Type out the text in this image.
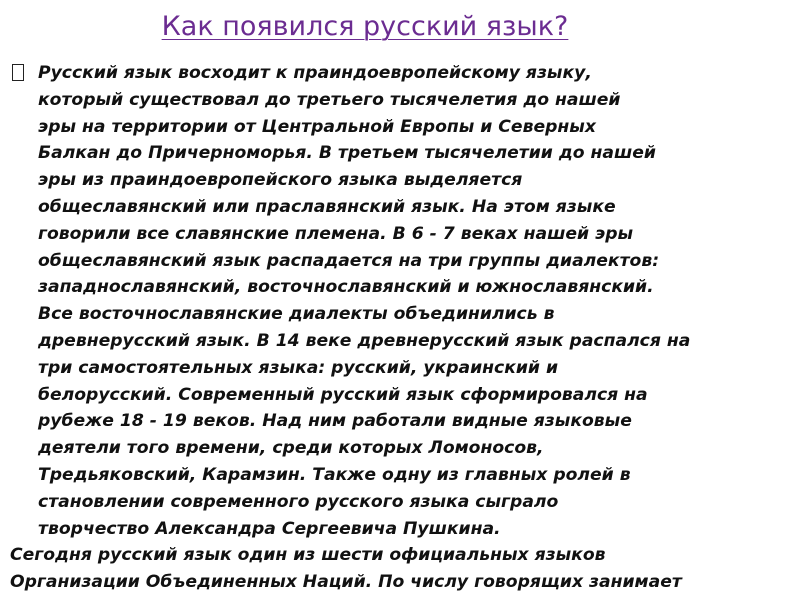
Как появился русский язык?
Русский язык восходит к праиндоевропейскому языку,
который существовал до третьего тысячелетия до нашей
эры на территории от Центральной Европы и Северных
Балкан до Причерноморья. В третьем тысячелетии до нашей
эры из праиндоевропейского языка выделяется
общеславянский или праславянский язык. На этом языке
говорили все славянские племена. В 6 - 7 веках нашей эры
общеславянский язык распадается на три группы диалектов:
западнославянский, восточнославянский и южнославянский.
Все восточнославянские диалекты объединились в
древнерусский язык. В 14 веке древнерусский язык распался на
три самостоятельных языка: русский, украинский и
белорусский. Современный русский язык сформировался на
рубеже 18 - 19 веков. Над ним работали видные языковые
деятели того времени, среди которых Ломоносов,
Тредьяковский, Карамзин. Также одну из главных ролей в
становлении современного русского языка сыграло
творчество Александра Сергеевича Пушкина.
Сегодня русский язык один из шести официальных языков
Организации Объединенных Наций. По числу говорящих занимает
